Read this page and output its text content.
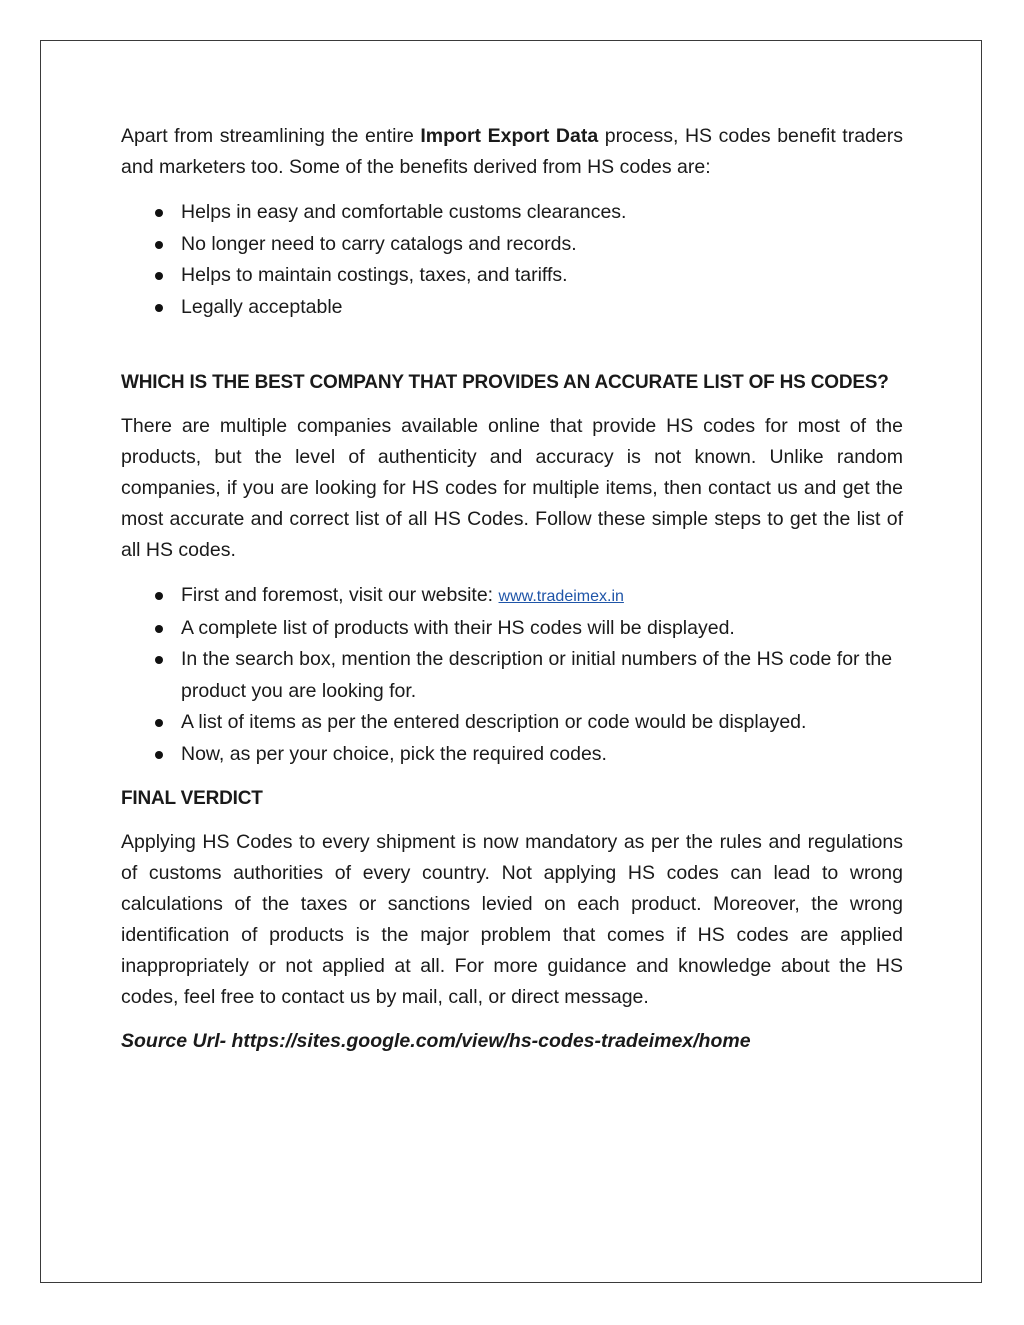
Apart from streamlining the entire Import Export Data process, HS codes benefit traders and marketers too. Some of the benefits derived from HS codes are:

Helps in easy and comfortable customs clearances.
No longer need to carry catalogs and records.
Helps to maintain costings, taxes, and tariffs.
Legally acceptable

WHICH IS THE BEST COMPANY THAT PROVIDES AN ACCURATE LIST OF HS CODES?

There are multiple companies available online that provide HS codes for most of the products, but the level of authenticity and accuracy is not known. Unlike random companies, if you are looking for HS codes for multiple items, then contact us and get the most accurate and correct list of all HS Codes. Follow these simple steps to get the list of all HS codes.

First and foremost, visit our website: www.tradeimex.in
A complete list of products with their HS codes will be displayed.
In the search box, mention the description or initial numbers of the HS code for the product you are looking for.
A list of items as per the entered description or code would be displayed.
Now, as per your choice, pick the required codes.

FINAL VERDICT

Applying HS Codes to every shipment is now mandatory as per the rules and regulations of customs authorities of every country. Not applying HS codes can lead to wrong calculations of the taxes or sanctions levied on each product. Moreover, the wrong identification of products is the major problem that comes if HS codes are applied inappropriately or not applied at all. For more guidance and knowledge about the HS codes, feel free to contact us by mail, call, or direct message.

Source Url- https://sites.google.com/view/hs-codes-tradeimex/home
